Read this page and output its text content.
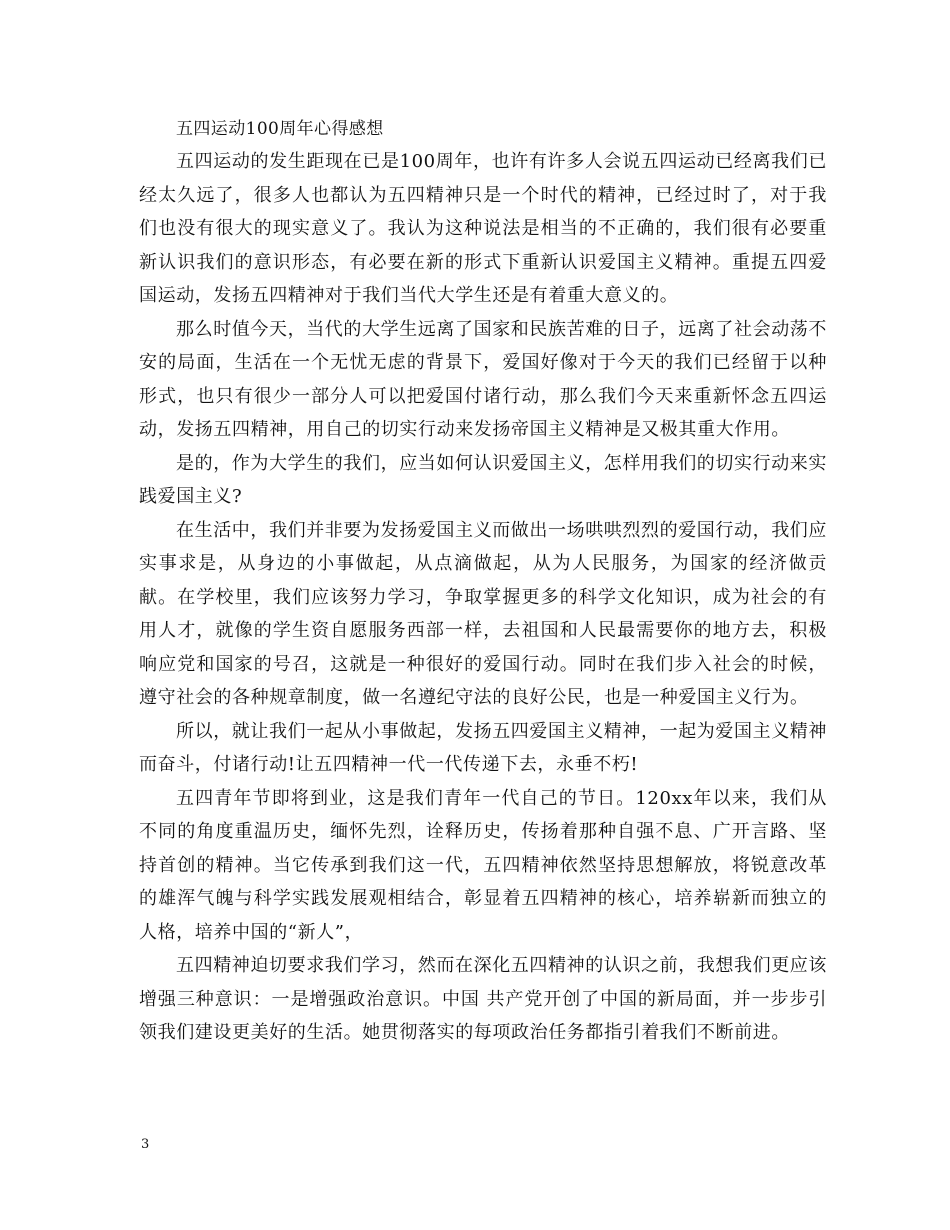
五四运动100周年心得感想

五四运动的发生距现在已是100周年，也许有许多人会说五四运动已经离我们已经太久远了，很多人也都认为五四精神只是一个时代的精神，已经过时了，对于我们也没有很大的现实意义了。我认为这种说法是相当的不正确的，我们很有必要重新认识我们的意识形态，有必要在新的形式下重新认识爱国主义精神。重提五四爱国运动，发扬五四精神对于我们当代大学生还是有着重大意义的。

那么时值今天，当代的大学生远离了国家和民族苦难的日子，远离了社会动荡不安的局面，生活在一个无忧无虑的背景下，爱国好像对于今天的我们已经留于以种形式，也只有很少一部分人可以把爱国付诸行动，那么我们今天来重新怀念五四运动，发扬五四精神，用自己的切实行动来发扬帝国主义精神是又极其重大作用。

是的，作为大学生的我们，应当如何认识爱国主义，怎样用我们的切实行动来实践爱国主义?

在生活中，我们并非要为发扬爱国主义而做出一场哄哄烈烈的爱国行动，我们应实事求是，从身边的小事做起，从点滴做起，从为人民服务，为国家的经济做贡献。在学校里，我们应该努力学习，争取掌握更多的科学文化知识，成为社会的有用人才，就像的学生资自愿服务西部一样，去祖国和人民最需要你的地方去，积极响应党和国家的号召，这就是一种很好的爱国行动。同时在我们步入社会的时候，遵守社会的各种规章制度，做一名遵纪守法的良好公民，也是一种爱国主义行为。

所以，就让我们一起从小事做起，发扬五四爱国主义精神，一起为爱国主义精神而奋斗，付诸行动!让五四精神一代一代传递下去，永垂不朽!

五四青年节即将到业，这是我们青年一代自己的节日。120xx年以来，我们从不同的角度重温历史，缅怀先烈，诠释历史，传扬着那种自强不息、广开言路、坚持首创的精神。当它传承到我们这一代，五四精神依然坚持思想解放，将锐意改革的雄浑气魄与科学实践发展观相结合，彰显着五四精神的核心，培养崭新而独立的人格，培养中国的“新人”，

五四精神迫切要求我们学习，然而在深化五四精神的认识之前，我想我们更应该增强三种意识：一是增强政治意识。中国 共产党开创了中国的新局面，并一步步引领我们建设更美好的生活。她贯彻落实的每项政治任务都指引着我们不断前进。

3
